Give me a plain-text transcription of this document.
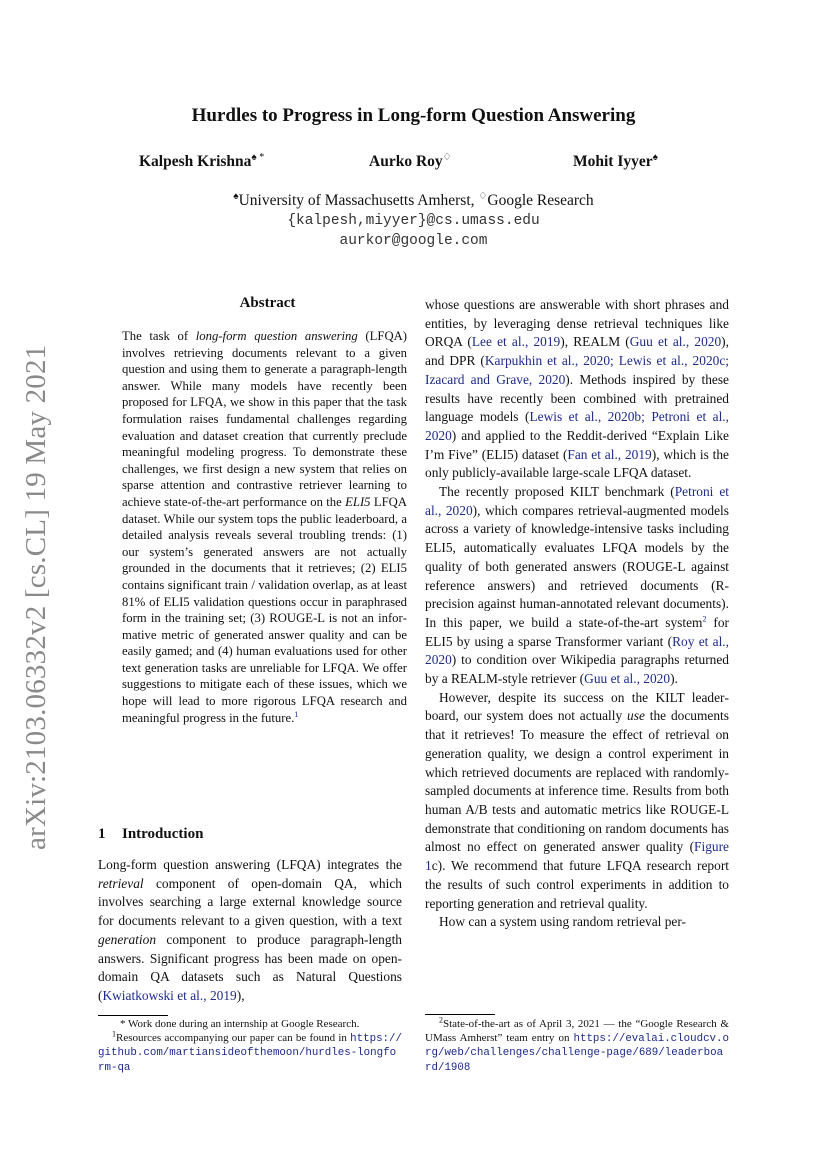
Hurdles to Progress in Long-form Question Answering
Kalpesh Krishna♠ *	Aurko Roy♢	Mohit Iyyer♠
♠University of Massachusetts Amherst, ♢Google Research
{kalpesh,miyyer}@cs.umass.edu
aurkor@google.com
arXiv:2103.06332v2 [cs.CL] 19 May 2021
Abstract
The task of long-form question answering (LFQA) involves retrieving documents relevant to a given question and using them to generate a paragraph-length answer. While many models have recently been proposed for LFQA, we show in this paper that the task formulation raises fundamental challenges regarding evaluation and dataset creation that currently preclude meaningful modeling progress. To demonstrate these challenges, we first design a new system that relies on sparse attention and contrastive retriever learning to achieve state-of-the-art performance on the ELI5 LFQA dataset. While our system tops the public leaderboard, a detailed analysis reveals several troubling trends: (1) our system’s generated answers are not actually grounded in the documents that it retrieves; (2) ELI5 contains significant train / validation overlap, as at least 81% of ELI5 validation questions occur in paraphrased form in the training set; (3) ROUGE-L is not an informative metric of generated answer quality and can be easily gamed; and (4) human evaluations used for other text generation tasks are unreliable for LFQA. We offer suggestions to mitigate each of these issues, which we hope will lead to more rigorous LFQA research and meaningful progress in the future.$^1$
1 Introduction
Long-form question answering (LFQA) integrates the retrieval component of open-domain QA, which involves searching a large external knowledge source for documents relevant to a given question, with a text generation component to produce paragraph-length answers. Significant progress has been made on open-domain QA datasets such as Natural Questions (Kwiatkowski et al., 2019),
* Work done during an internship at Google Research.
$^1$Resources accompanying our paper can be found in https://github.com/martiansideofthemoon/hurdles-longform-qa

whose questions are answerable with short phrases and entities, by leveraging dense retrieval techniques like ORQA (Lee et al., 2019), REALM (Guu et al., 2020), and DPR (Karpukhin et al., 2020; Lewis et al., 2020c; Izacard and Grave, 2020). Methods inspired by these results have recently been combined with pretrained language models (Lewis et al., 2020b; Petroni et al., 2020) and applied to the Reddit-derived “Explain Like I’m Five” (ELI5) dataset (Fan et al., 2019), which is the only publicly-available large-scale LFQA dataset.

The recently proposed KILT benchmark (Petroni et al., 2020), which compares retrieval-augmented models across a variety of knowledge-intensive tasks including ELI5, automatically evaluates LFQA models by the quality of both generated answers (ROUGE-L against reference answers) and retrieved documents (R-precision against human-annotated relevant documents). In this paper, we build a state-of-the-art system$^2$ for ELI5 by using a sparse Transformer variant (Roy et al., 2020) to condition over Wikipedia paragraphs returned by a REALM-style retriever (Guu et al., 2020).

However, despite its success on the KILT leaderboard, our system does not actually use the documents that it retrieves! To measure the effect of retrieval on generation quality, we design a control experiment in which retrieved documents are replaced with randomly-sampled documents at inference time. Results from both human A/B tests and automatic metrics like ROUGE-L demonstrate that conditioning on random documents has almost no effect on generated answer quality (Figure 1c). We recommend that future LFQA research report the results of such control experiments in addition to reporting generation and retrieval quality.

How can a system using random retrieval per-

$^2$State-of-the-art as of April 3, 2021 — the “Google Research & UMass Amherst” team entry on https://evalai.cloudcv.org/web/challenges/challenge-page/689/leaderboard/1908
